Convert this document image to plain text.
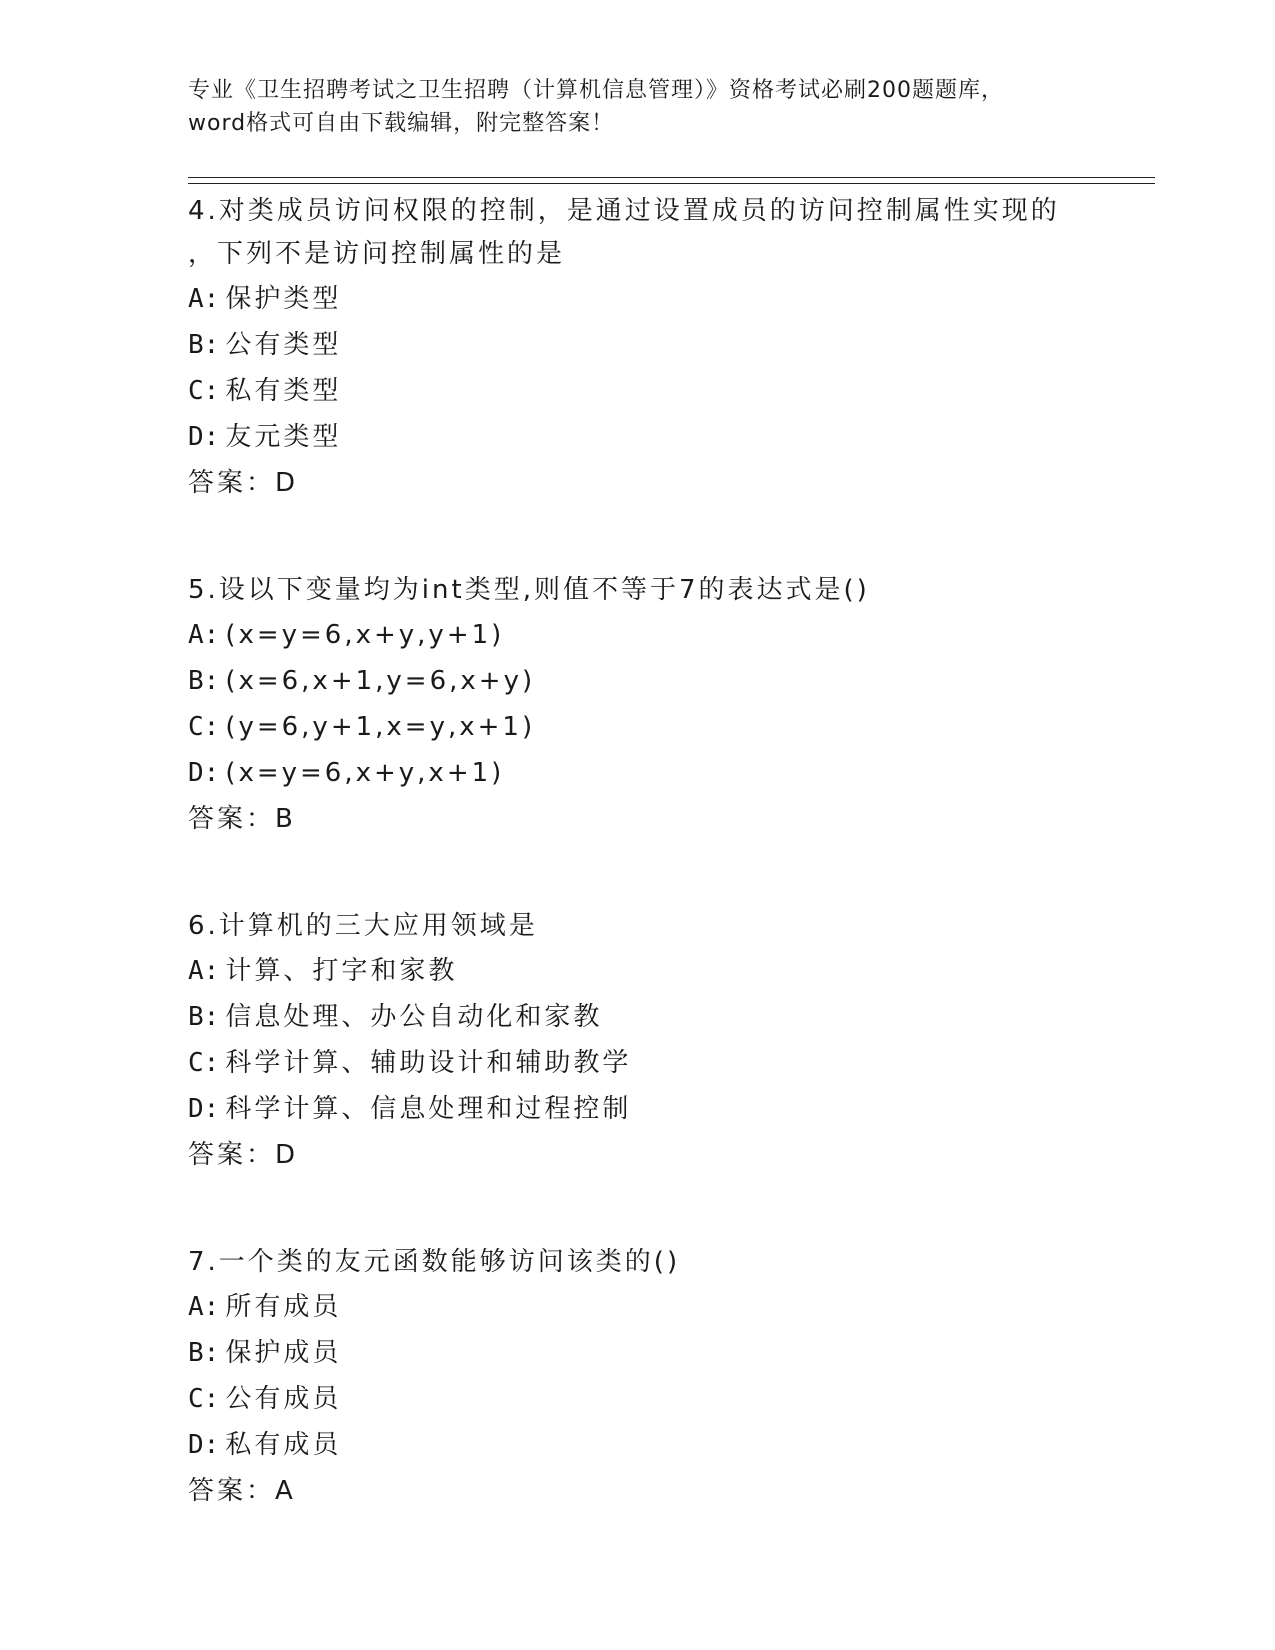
专业《卫生招聘考试之卫生招聘（计算机信息管理）》资格考试必刷200题题库，
word格式可自由下载编辑，附完整答案！
4.对类成员访问权限的控制，是通过设置成员的访问控制属性实现的
，下列不是访问控制属性的是
A: 保护类型
B: 公有类型
C: 私有类型
D: 友元类型
答案：D
5.设以下变量均为int类型,则值不等于7的表达式是()
A: (x=y=6,x+y,y+1)
B: (x=6,x+1,y=6,x+y)
C: (y=6,y+1,x=y,x+1)
D: (x=y=6,x+y,x+1)
答案：B
6.计算机的三大应用领域是
A: 计算、打字和家教
B: 信息处理、办公自动化和家教
C: 科学计算、辅助设计和辅助教学
D: 科学计算、信息处理和过程控制
答案：D
7.一个类的友元函数能够访问该类的()
A: 所有成员
B: 保护成员
C: 公有成员
D: 私有成员
答案：A
